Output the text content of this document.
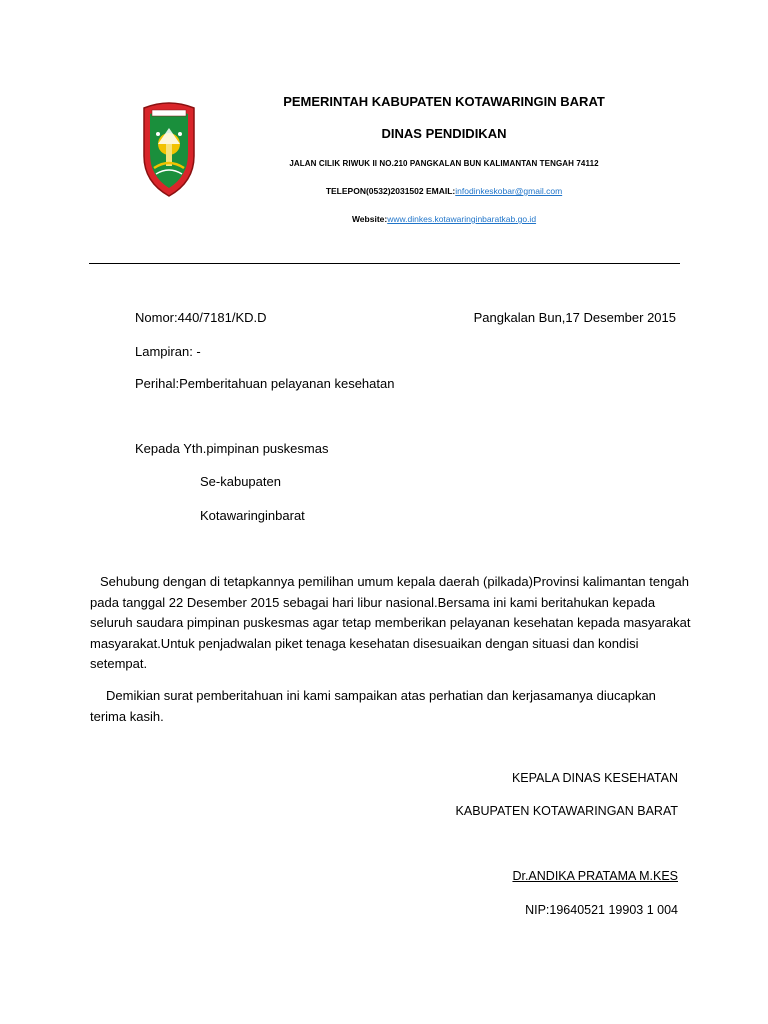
PEMERINTAH KABUPATEN KOTAWARINGIN BARAT
DINAS PENDIDIKAN
JALAN CILIK RIWUK II NO.210 PANGKALAN BUN KALIMANTAN TENGAH 74112
TELEPON(0532)2031502 EMAIL:infodinkeskobar@gmail.com
Website:www.dinkes.kotawaringinbaratkab.go.id
Nomor:440/7181/KD.D	Pangkalan Bun,17 Desember 2015
Lampiran: -
Perihal:Pemberitahuan pelayanan kesehatan
Kepada Yth.pimpinan puskesmas
Se-kabupaten
Kotawaringinbarat
Sehubung dengan di tetapkannya pemilihan umum kepala daerah (pilkada)Provinsi kalimantan tengah
pada tanggal 22 Desember 2015 sebagai hari libur nasional.Bersama ini kami beritahukan kepada
seluruh saudara pimpinan puskesmas agar tetap memberikan pelayanan kesehatan kepada masyarakat
masyarakat.Untuk penjadwalan piket tenaga kesehatan disesuaikan dengan situasi dan kondisi
setempat.
Demikian surat pemberitahuan ini kami sampaikan atas perhatian dan kerjasamanya diucapkan
terima kasih.
KEPALA DINAS KESEHATAN
KABUPATEN KOTAWARINGAN BARAT
Dr.ANDIKA PRATAMA M.KES
NIP:19640521 19903 1 004
